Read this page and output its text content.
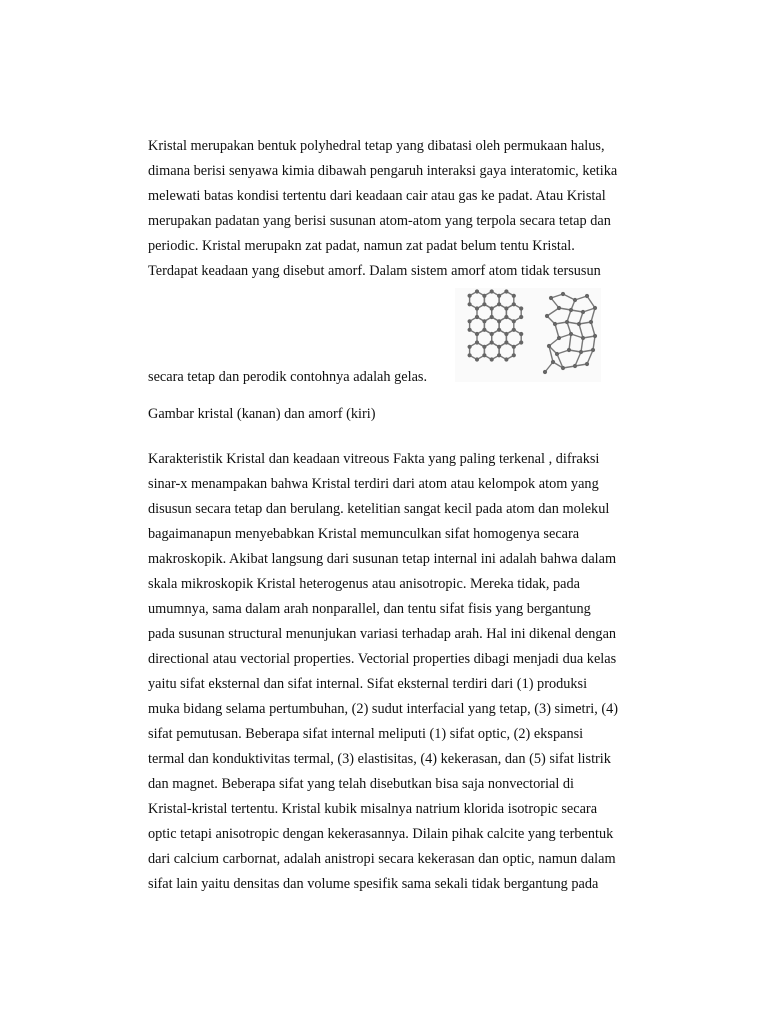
Kristal merupakan bentuk polyhedral tetap yang dibatasi oleh permukaan halus,
dimana berisi senyawa kimia dibawah pengaruh interaksi gaya interatomic, ketika
melewati batas kondisi tertentu dari keadaan cair atau gas ke padat. Atau Kristal
merupakan padatan yang berisi susunan atom-atom yang terpola secara tetap dan
periodic. Kristal merupakn zat padat, namun zat padat belum tentu Kristal.
Terdapat keadaan yang disebut amorf. Dalam sistem amorf atom tidak tersusun
secara tetap dan perodik contohnya adalah gelas.
Gambar kristal (kanan) dan amorf (kiri)
Karakteristik Kristal dan keadaan vitreous Fakta yang paling terkenal , difraksi
sinar-x menampakan bahwa Kristal terdiri dari atom atau kelompok atom yang
disusun secara tetap dan berulang. ketelitian sangat kecil pada atom dan molekul
bagaimanapun menyebabkan Kristal memunculkan sifat homogenya secara
makroskopik. Akibat langsung dari susunan tetap internal ini adalah bahwa dalam
skala mikroskopik Kristal heterogenus atau anisotropic. Mereka tidak, pada
umumnya, sama dalam arah nonparallel, dan tentu sifat fisis yang bergantung
pada susunan structural menunjukan variasi terhadap arah. Hal ini dikenal dengan
directional atau vectorial properties. Vectorial properties dibagi menjadi dua kelas
yaitu sifat eksternal dan sifat internal. Sifat eksternal terdiri dari (1) produksi
muka bidang selama pertumbuhan, (2) sudut interfacial yang tetap, (3) simetri, (4)
sifat pemutusan. Beberapa sifat internal meliputi (1) sifat optic, (2) ekspansi
termal dan konduktivitas termal, (3) elastisitas, (4) kekerasan, dan (5) sifat listrik
dan magnet. Beberapa sifat yang telah disebutkan bisa saja nonvectorial di
Kristal-kristal tertentu. Kristal kubik misalnya natrium klorida isotropic secara
optic tetapi anisotropic dengan kekerasannya. Dilain pihak calcite yang terbentuk
dari calcium carbornat, adalah anistropi secara kekerasan dan optic, namun dalam
sifat lain yaitu densitas dan volume spesifik sama sekali tidak bergantung pada
